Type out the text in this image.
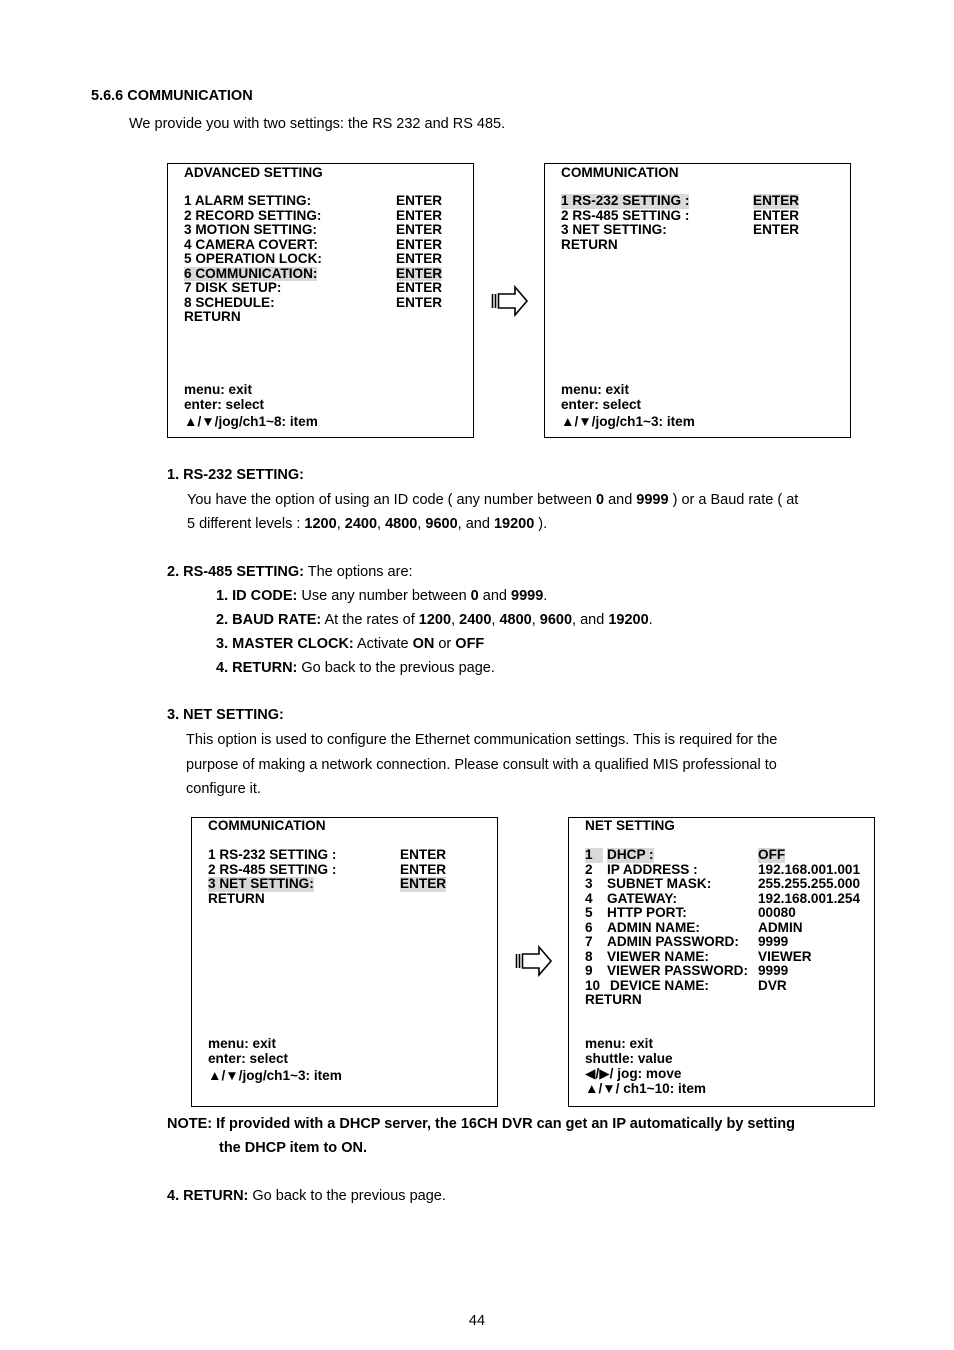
5.6.6 COMMUNICATION
We provide you with two settings: the RS 232 and RS 485.
ADVANCED SETTING
1 ALARM SETTING:	ENTER
2 RECORD SETTING:	ENTER
3 MOTION SETTING:	ENTER
4 CAMERA COVERT:	ENTER
5 OPERATION LOCK:	ENTER
6 COMMUNICATION:	ENTER
7 DISK SETUP:	ENTER
8 SCHEDULE:	ENTER
RETURN
menu: exit
enter: select
▲/▼/jog/ch1~8: item
COMMUNICATION
1 RS-232 SETTING :	ENTER
2 RS-485 SETTING :	ENTER
3 NET SETTING:	ENTER
RETURN
menu: exit
enter: select
▲/▼/jog/ch1~3: item
1. RS-232 SETTING:
You have the option of using an ID code ( any number between 0 and 9999 ) or a Baud rate ( at
5 different levels : 1200, 2400, 4800, 9600, and 19200 ).
2. RS-485 SETTING: The options are:
1. ID CODE: Use any number between 0 and 9999.
2. BAUD RATE: At the rates of 1200, 2400, 4800, 9600, and 19200.
3. MASTER CLOCK: Activate ON or OFF
4. RETURN: Go back to the previous page.
3. NET SETTING:
This option is used to configure the Ethernet communication settings. This is required for the
purpose of making a network connection. Please consult with a qualified MIS professional to
configure it.
COMMUNICATION
1 RS-232 SETTING :	ENTER
2 RS-485 SETTING :	ENTER
3 NET SETTING:	ENTER
RETURN
menu: exit
enter: select
▲/▼/jog/ch1~3: item
NET SETTING
1	DHCP :	OFF
2 IP ADDRESS :	192.168.001.001
3 SUBNET MASK:	255.255.255.000
4 GATEWAY:	192.168.001.254
5 HTTP PORT:	00080
6 ADMIN NAME:	ADMIN
7 ADMIN PASSWORD: 9999
8 VIEWER NAME:	VIEWER
9 VIEWER PASSWORD: 9999
10 DEVICE NAME:	DVR
RETURN
menu: exit
shuttle: value
◀/▶/ jog: move
▲/▼/ ch1~10: item
NOTE: If provided with a DHCP server, the 16CH DVR can get an IP automatically by setting
the DHCP item to ON.
4. RETURN: Go back to the previous page.
44
